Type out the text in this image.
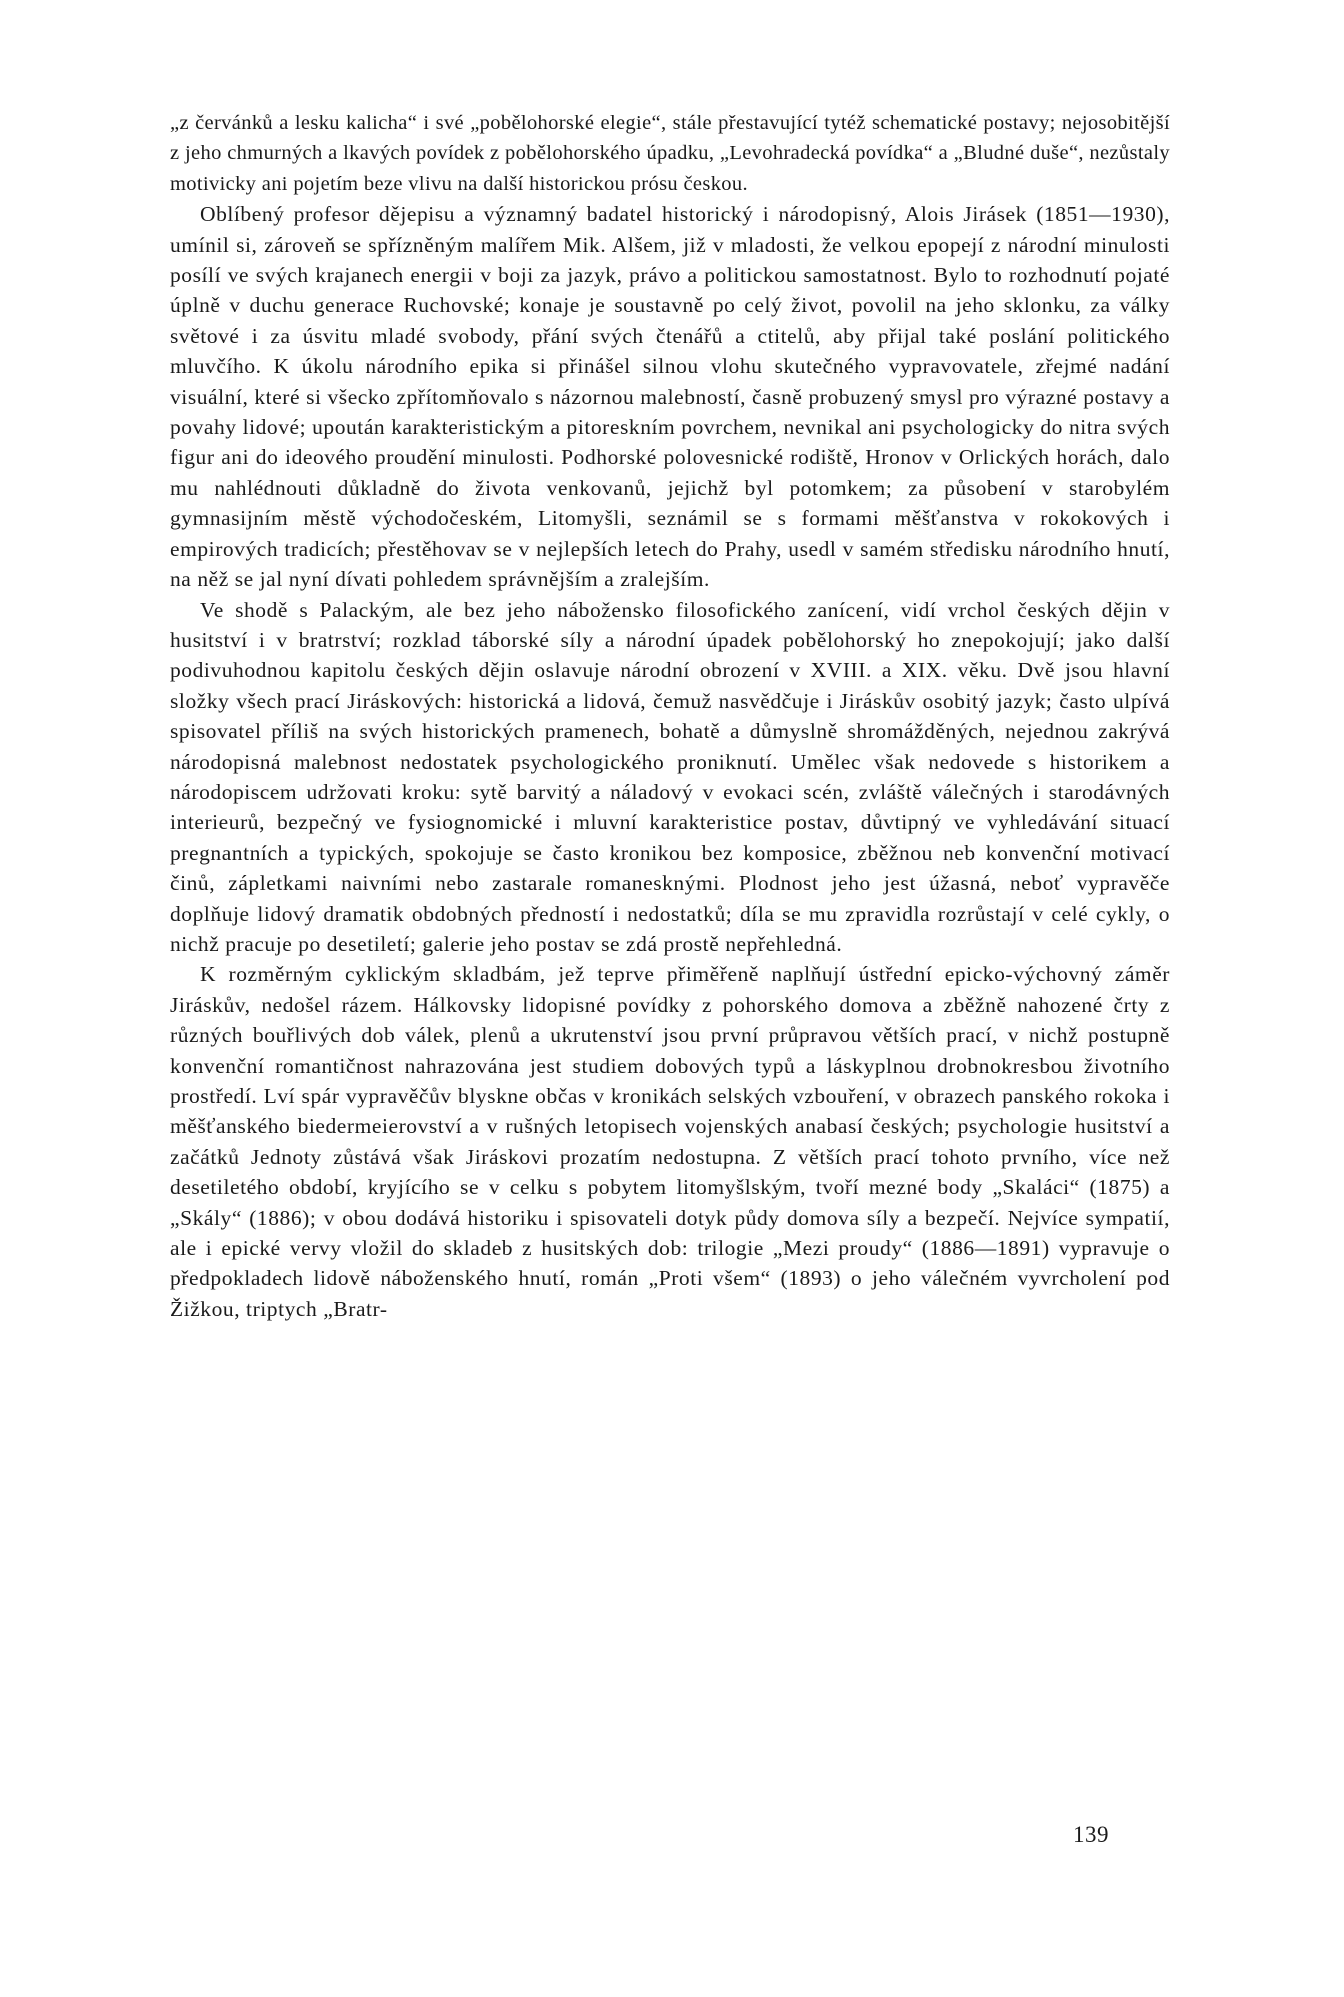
„z červánků a lesku kalicha“ i své „pobělohorské elegie“, stále přestavující tytéž schematické postavy; nejosobitější z jeho chmurných a lkavých povídek z pobělohorského úpadku, „Levohradecká povídka“ a „Bludné duše“, nezůstaly motivicky ani pojetím beze vlivu na další historickou prósu českou.

Oblíbený profesor dějepisu a významný badatel historický i národopisný, Alois Jirásek (1851—1930), umínil si, zároveň se spřízněným malířem Mik. Alšem, již v mladosti, že velkou epopejí z národní minulosti posílí ve svých krajanech energii v boji za jazyk, právo a politickou samostatnost. Bylo to rozhodnutí pojaté úplně v duchu generace Ruchovské; konaje je soustavně po celý život, povolil na jeho sklonku, za války světové i za úsvitu mladé svobody, přání svých čtenářů a ctitelů, aby přijal také poslání politického mluvčího. K úkolu národního epika si přinášel silnou vlohu skutečného vypravovatele, zřejmé nadání visuální, které si všecko zpřítomňovalo s názornou malebností, časně probuzený smysl pro výrazné postavy a povahy lidové; upoután karakteristickým a pitoreskním povrchem, nevnikal ani psychologicky do nitra svých figur ani do ideového proudění minulosti. Podhorské polovesnické rodiště, Hronov v Orlických horách, dalo mu nahlédnouti důkladně do života venkovanů, jejichž byl potomkem; za působení v starobylém gymnasijním městě východočeském, Litomyšli, seznámil se s formami měšťanstva v rokokových i empirových tradicích; přestěhovav se v nejlepších letech do Prahy, usedl v samém středisku národního hnutí, na něž se jal nyní dívati pohledem správnějším a zralejším.

Ve shodě s Palackým, ale bez jeho nábožensko filosofického zanícení, vidí vrchol českých dějin v husitství i v bratrství; rozklad táborské síly a národní úpadek pobělohorský ho znepokojují; jako další podivuhodnou kapitolu českých dějin oslavuje národní obrození v XVIII. a XIX. věku. Dvě jsou hlavní složky všech prací Jiráskových: historická a lidová, čemuž nasvědčuje i Jiráskův osobitý jazyk; často ulpívá spisovatel příliš na svých historických pramenech, bohatě a důmyslně shromážděných, nejednou zakrývá národopisná malebnost nedostatek psychologického proniknutí. Umělec však nedovede s historikem a národopiscem udržovati kroku: sytě barvitý a náladový v evokaci scén, zvláště válečných i starodávných interieurů, bezpečný ve fysiognomické i mluvní karakteristice postav, důvtipný ve vyhledávání situací pregnantních a typických, spokojuje se často kronikou bez komposice, zběžnou neb konvenční motivací činů, zápletkami naivními nebo zastarale romanesknými. Plodnost jeho jest úžasná, neboť vypravěče doplňuje lidový dramatik obdobných předností i nedostatků; díla se mu zpravidla rozrůstají v celé cykly, o nichž pracuje po desetiletí; galerie jeho postav se zdá prostě nepřehledná.

K rozměrným cyklickým skladbám, jež teprve přiměřeně naplňují ústřední epicko-výchovný záměr Jiráskův, nedošel rázem. Hálkovsky lidopisné povídky z pohorského domova a zběžně nahozené črty z různých bouřlivých dob válek, plenů a ukrutenství jsou první průpravou větších prací, v nichž postupně konvenční romantičnost nahrazována jest studiem dobových typů a láskyplnou drobnokresbou životního prostředí. Lví spár vypravěčův blyskne občas v kronikách selských vzbouření, v obrazech panského rokoka i měšťanského biedermeierovství a v rušných letopisech vojenských anabasí českých; psychologie husitství a začátků Jednoty zůstává však Jiráskovi prozatím nedostupna. Z větších prací tohoto prvního, více než desetiletého období, kryjícího se v celku s pobytem litomyšlským, tvoří mezné body „Skaláci“ (1875) a „Skály“ (1886); v obou dodává historiku i spisovateli dotyk půdy domova síly a bezpečí. Nejvíce sympatií, ale i epické vervy vložil do skladeb z husitských dob: trilogie „Mezi proudy“ (1886—1891) vypravuje o předpokladech lidově náboženského hnutí, román „Proti všem“ (1893) o jeho válečném vyvrcholení pod Žižkou, triptych „Bratr-

139
